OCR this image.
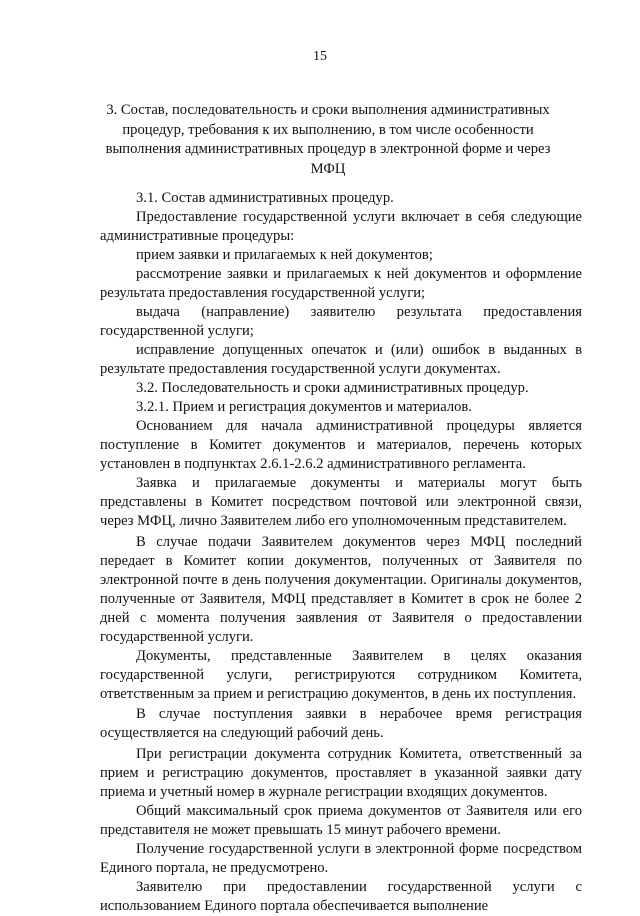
15
3. Состав, последовательность и сроки выполнения административных процедур, требования к их выполнению, в том числе особенности выполнения административных процедур в электронной форме и через МФЦ

3.1. Состав административных процедур.

Предоставление государственной услуги включает в себя следующие административные процедуры:

прием заявки и прилагаемых к ней документов;

рассмотрение заявки и прилагаемых к ней документов и оформление результата предоставления государственной услуги;

выдача (направление) заявителю результата предоставления государственной услуги;

исправление допущенных опечаток и (или) ошибок в выданных в результате предоставления государственной услуги документах.

3.2. Последовательность и сроки административных процедур.

3.2.1. Прием и регистрация документов и материалов.

Основанием для начала административной процедуры является поступление в Комитет документов и материалов, перечень которых установлен в подпунктах 2.6.1-2.6.2 административного регламента.

Заявка и прилагаемые документы и материалы могут быть представлены в Комитет посредством почтовой или электронной связи, через МФЦ, лично Заявителем либо его уполномоченным представителем.

В случае подачи Заявителем документов через МФЦ последний передает в Комитет копии документов, полученных от Заявителя по электронной почте в день получения документации. Оригиналы документов, полученные от Заявителя, МФЦ представляет в Комитет в срок не более 2 дней с момента получения заявления от Заявителя о предоставлении государственной услуги.

Документы, представленные Заявителем в целях оказания государственной услуги, регистрируются сотрудником Комитета, ответственным за прием и регистрацию документов, в день их поступления.

В случае поступления заявки в нерабочее время регистрация осуществляется на следующий рабочий день.

При регистрации документа сотрудник Комитета, ответственный за прием и регистрацию документов, проставляет в указанной заявки дату приема и учетный номер в журнале регистрации входящих документов.

Общий максимальный срок приема документов от Заявителя или его представителя не может превышать 15 минут рабочего времени.

Получение государственной услуги в электронной форме посредством Единого портала, не предусмотрено.

Заявителю при предоставлении государственной услуги с использованием Единого портала обеспечивается выполнение
